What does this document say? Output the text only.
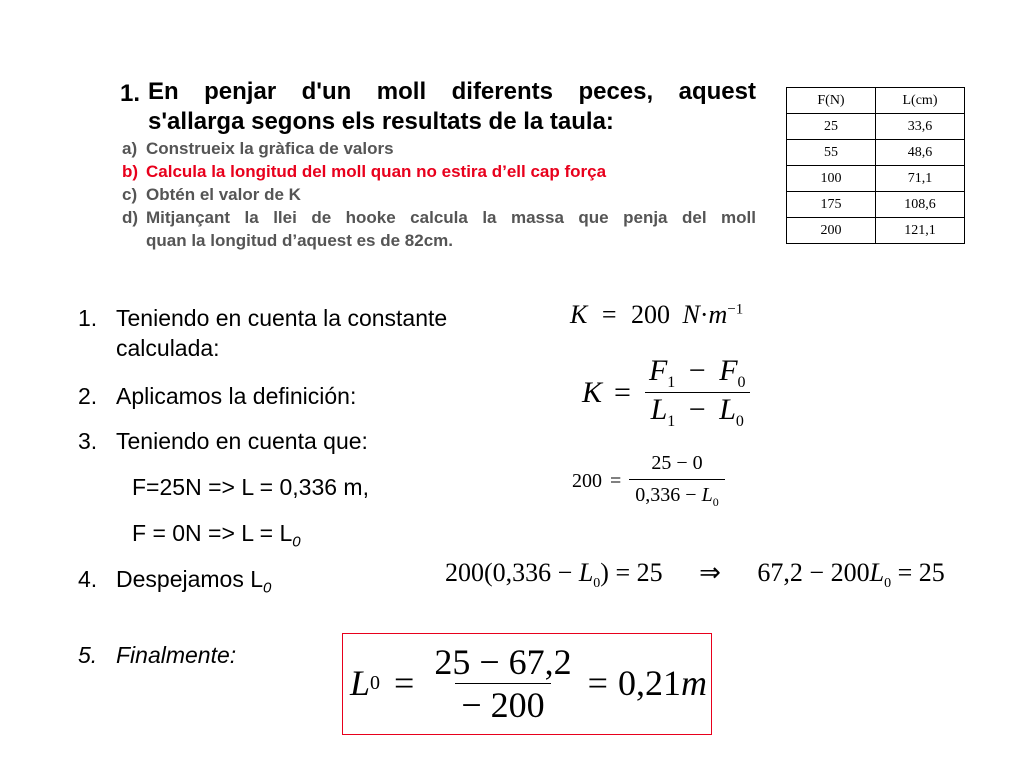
1. En penjar d'un moll diferents peces, aquest
s'allarga segons els resultats de la taula:
a) Construeix la gràfica de valors
b) Calcula la longitud del moll quan no estira d’ell cap força
c) Obtén el valor de K
d) Mitjançant la llei de hooke calcula la massa que penja del moll
quan la longitud d’aquest es de 82cm.
F(N)	L(cm)
25	33,6
55	48,6
100	71,1
175	108,6
200	121,1
1. Teniendo en cuenta la constante
calculada:
2. Aplicamos la definición:
3. Teniendo en cuenta que:
F=25N => L = 0,336 m,
$F = 0N => L = L_0$
4. Despejamos $L_0$
5. Finalmente:
K = 200 $N\cdot m^{-1}$
$K = \frac{F_1 - F_0}{L_1 - L_0}$
$200 = \frac{25 - 0}{0,336 - L_0}$
$200(0,336 - L_0) = 25$ ⇒ $67,2 - 200L_0 = 25$
L $0 = \frac{25 - 67,2}{- 200} = 0,21$ m
